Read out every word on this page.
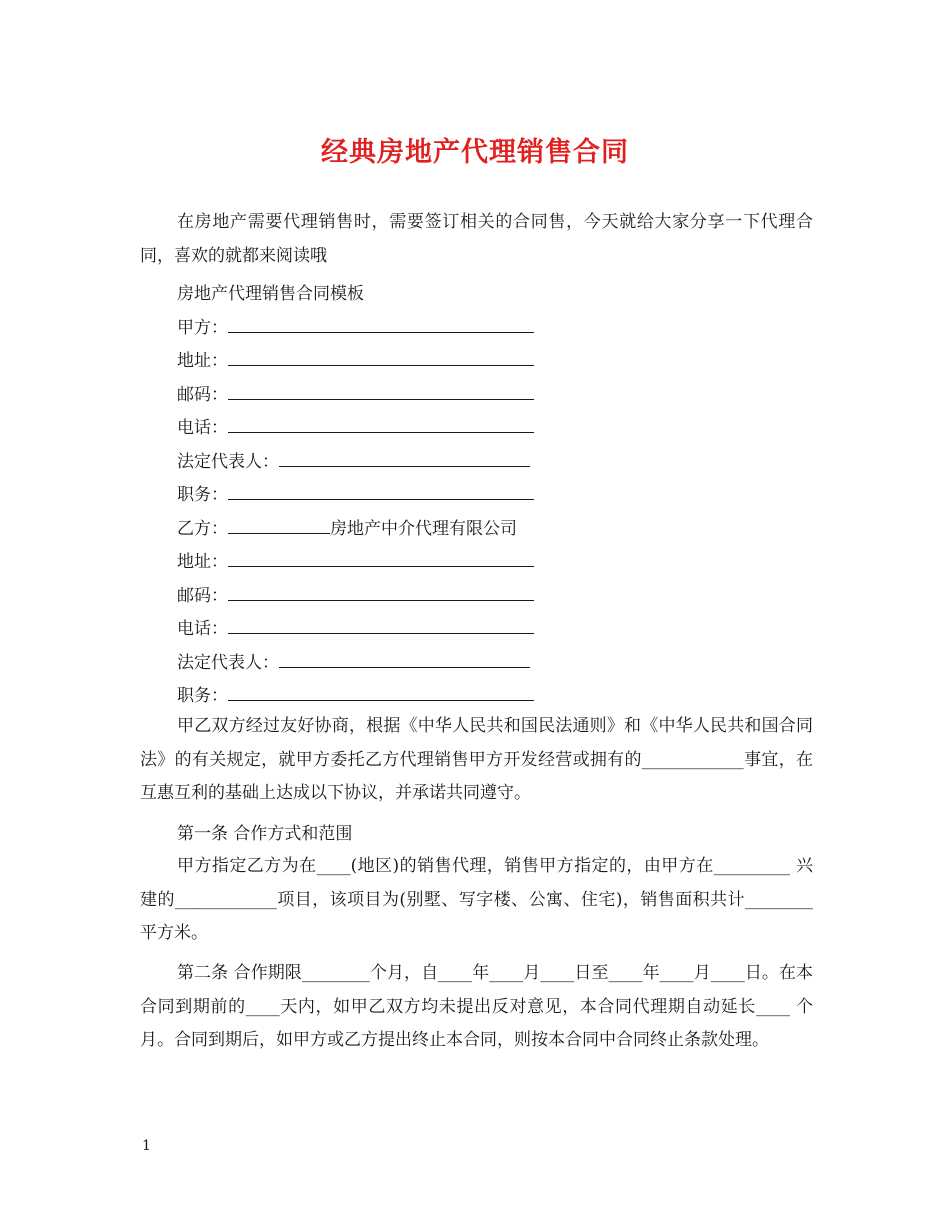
经典房地产代理销售合同
在房地产需要代理销售时，需要签订相关的合同售，今天就给大家分享一下代理合同，喜欢的就都来阅读哦
房地产代理销售合同模板
甲方：
地址：
邮码：
电话：
法定代表人：
职务：
乙方：	房地产中介代理有限公司
地址：
邮码：
电话：
法定代表人：
职务：
甲乙双方经过友好协商，根据《中华人民共和国民法通则》和《中华人民共和国合同法》的有关规定，就甲方委托乙方代理销售甲方开发经营或拥有的____________事宜，在互惠互利的基础上达成以下协议，并承诺共同遵守。
第一条 合作方式和范围
甲方指定乙方为在____(地区)的销售代理，销售甲方指定的，由甲方在_________ 兴建的____________项目，该项目为(别墅、写字楼、公寓、住宅)，销售面积共计________平方米。
第二条 合作期限________个月，自____年____月____日至____年____月____日。在本合同到期前的____天内，如甲乙双方均未提出反对意见，本合同代理期自动延长____ 个月。合同到期后，如甲方或乙方提出终止本合同，则按本合同中合同终止条款处理。
1
